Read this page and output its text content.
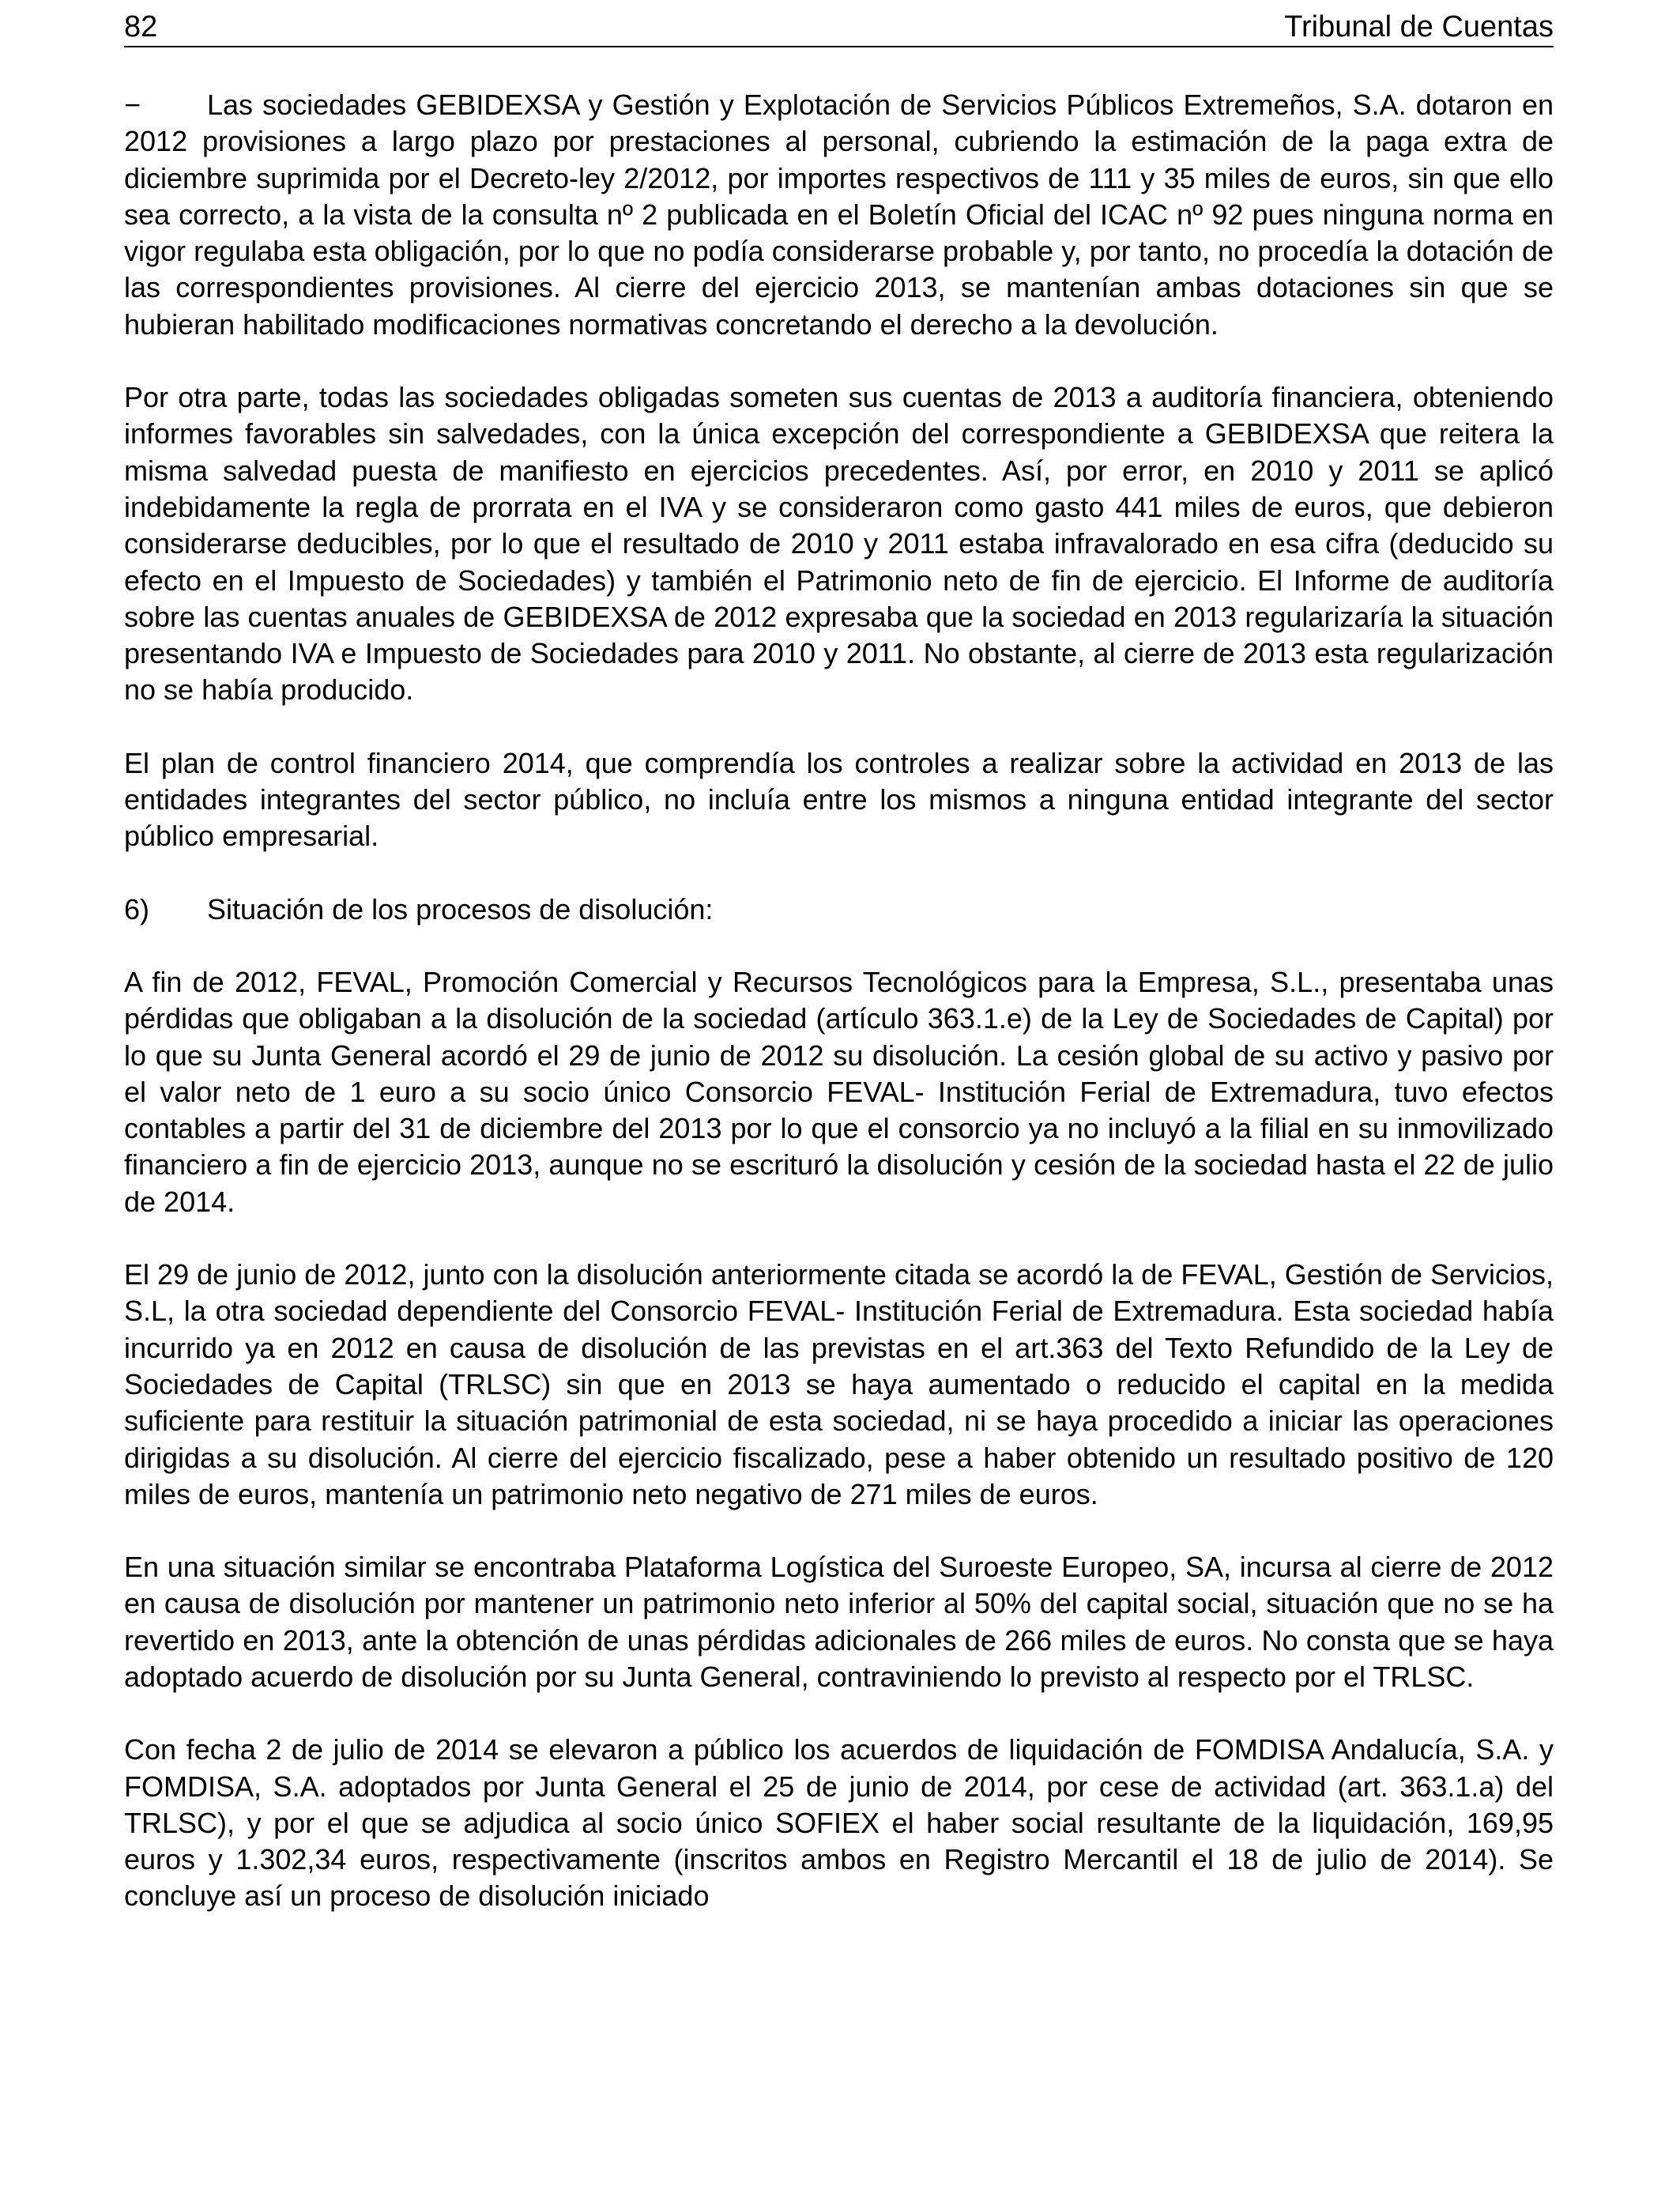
82	Tribunal de Cuentas

− Las sociedades GEBIDEXSA y Gestión y Explotación de Servicios Públicos Extremeños, S.A. dotaron en 2012 provisiones a largo plazo por prestaciones al personal, cubriendo la estimación de la paga extra de diciembre suprimida por el Decreto-ley 2/2012, por importes respectivos de 111 y 35 miles de euros, sin que ello sea correcto, a la vista de la consulta nº 2 publicada en el Boletín Oficial del ICAC nº 92 pues ninguna norma en vigor regulaba esta obligación, por lo que no podía considerarse probable y, por tanto, no procedía la dotación de las correspondientes provisiones. Al cierre del ejercicio 2013, se mantenían ambas dotaciones sin que se hubieran habilitado modificaciones normativas concretando el derecho a la devolución.

Por otra parte, todas las sociedades obligadas someten sus cuentas de 2013 a auditoría financiera, obteniendo informes favorables sin salvedades, con la única excepción del correspondiente a GEBIDEXSA que reitera la misma salvedad puesta de manifiesto en ejercicios precedentes. Así, por error, en 2010 y 2011 se aplicó indebidamente la regla de prorrata en el IVA y se consideraron como gasto 441 miles de euros, que debieron considerarse deducibles, por lo que el resultado de 2010 y 2011 estaba infravalorado en esa cifra (deducido su efecto en el Impuesto de Sociedades) y también el Patrimonio neto de fin de ejercicio. El Informe de auditoría sobre las cuentas anuales de GEBIDEXSA de 2012 expresaba que la sociedad en 2013 regularizaría la situación presentando IVA e Impuesto de Sociedades para 2010 y 2011. No obstante, al cierre de 2013 esta regularización no se había producido.

El plan de control financiero 2014, que comprendía los controles a realizar sobre la actividad en 2013 de las entidades integrantes del sector público, no incluía entre los mismos a ninguna entidad integrante del sector público empresarial.

6) Situación de los procesos de disolución:

A fin de 2012, FEVAL, Promoción Comercial y Recursos Tecnológicos para la Empresa, S.L., presentaba unas pérdidas que obligaban a la disolución de la sociedad (artículo 363.1.e) de la Ley de Sociedades de Capital) por lo que su Junta General acordó el 29 de junio de 2012 su disolución. La cesión global de su activo y pasivo por el valor neto de 1 euro a su socio único Consorcio FEVAL- Institución Ferial de Extremadura, tuvo efectos contables a partir del 31 de diciembre del 2013 por lo que el consorcio ya no incluyó a la filial en su inmovilizado financiero a fin de ejercicio 2013, aunque no se escrituró la disolución y cesión de la sociedad hasta el 22 de julio de 2014.

El 29 de junio de 2012, junto con la disolución anteriormente citada se acordó la de FEVAL, Gestión de Servicios, S.L, la otra sociedad dependiente del Consorcio FEVAL- Institución Ferial de Extremadura. Esta sociedad había incurrido ya en 2012 en causa de disolución de las previstas en el art.363 del Texto Refundido de la Ley de Sociedades de Capital (TRLSC) sin que en 2013 se haya aumentado o reducido el capital en la medida suficiente para restituir la situación patrimonial de esta sociedad, ni se haya procedido a iniciar las operaciones dirigidas a su disolución. Al cierre del ejercicio fiscalizado, pese a haber obtenido un resultado positivo de 120 miles de euros, mantenía un patrimonio neto negativo de 271 miles de euros.

En una situación similar se encontraba Plataforma Logística del Suroeste Europeo, SA, incursa al cierre de 2012 en causa de disolución por mantener un patrimonio neto inferior al 50% del capital social, situación que no se ha revertido en 2013, ante la obtención de unas pérdidas adicionales de 266 miles de euros. No consta que se haya adoptado acuerdo de disolución por su Junta General, contraviniendo lo previsto al respecto por el TRLSC.

Con fecha 2 de julio de 2014 se elevaron a público los acuerdos de liquidación de FOMDISA Andalucía, S.A. y FOMDISA, S.A. adoptados por Junta General el 25 de junio de 2014, por cese de actividad (art. 363.1.a) del TRLSC), y por el que se adjudica al socio único SOFIEX el haber social resultante de la liquidación, 169,95 euros y 1.302,34 euros, respectivamente (inscritos ambos en Registro Mercantil el 18 de julio de 2014). Se concluye así un proceso de disolución iniciado
